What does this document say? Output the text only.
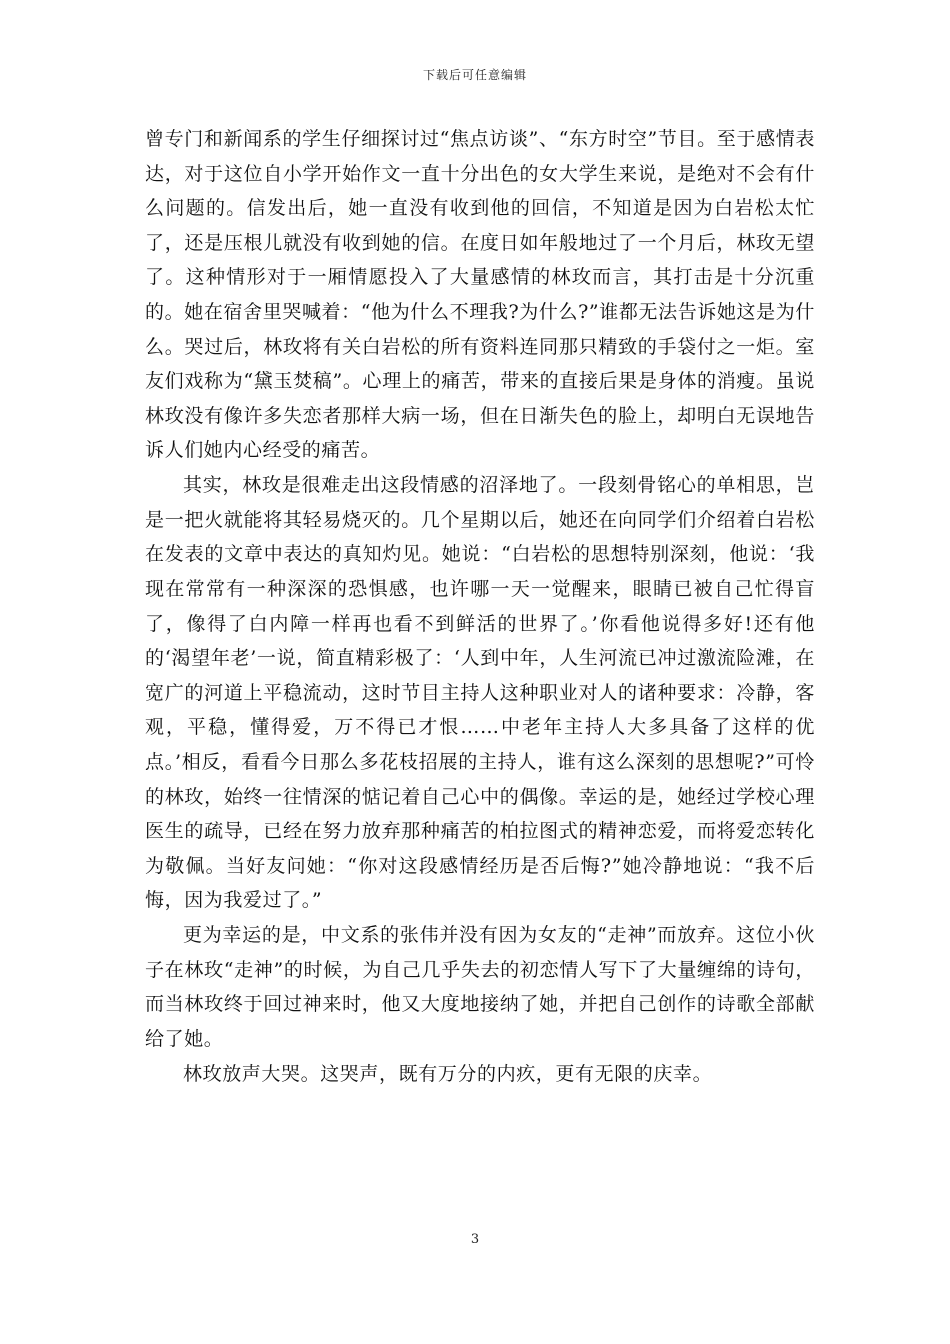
下载后可任意编辑

曾专门和新闻系的学生仔细探讨过“焦点访谈”、“东方时空”节目。至于感情表达，对于这位自小学开始作文一直十分出色的女大学生来说，是绝对不会有什么问题的。信发出后，她一直没有收到他的回信，不知道是因为白岩松太忙了，还是压根儿就没有收到她的信。在度日如年般地过了一个月后，林玫无望了。这种情形对于一厢情愿投入了大量感情的林玫而言，其打击是十分沉重的。她在宿舍里哭喊着：“他为什么不理我?为什么?”谁都无法告诉她这是为什么。哭过后，林玫将有关白岩松的所有资料连同那只精致的手袋付之一炬。室友们戏称为“黛玉焚稿”。心理上的痛苦，带来的直接后果是身体的消瘦。虽说林玫没有像许多失恋者那样大病一场，但在日渐失色的脸上，却明白无误地告诉人们她内心经受的痛苦。

其实，林玫是很难走出这段情感的沼泽地了。一段刻骨铭心的单相思，岂是一把火就能将其轻易烧灭的。几个星期以后，她还在向同学们介绍着白岩松在发表的文章中表达的真知灼见。她说：“白岩松的思想特别深刻，他说：‘我现在常常有一种深深的恐惧感，也许哪一天一觉醒来，眼睛已被自己忙得盲了，像得了白内障一样再也看不到鲜活的世界了。’你看他说得多好!还有他的‘渴望年老’一说，简直精彩极了：‘人到中年，人生河流已冲过激流险滩，在宽广的河道上平稳流动，这时节目主持人这种职业对人的诸种要求：冷静，客观，平稳，懂得爱，万不得已才恨……中老年主持人大多具备了这样的优点。’相反，看看今日那么多花枝招展的主持人，谁有这么深刻的思想呢?”可怜的林玫，始终一往情深的惦记着自己心中的偶像。幸运的是，她经过学校心理医生的疏导，已经在努力放弃那种痛苦的柏拉图式的精神恋爱，而将爱恋转化为敬佩。当好友问她：“你对这段感情经历是否后悔?”她冷静地说：“我不后悔，因为我爱过了。”

更为幸运的是，中文系的张伟并没有因为女友的“走神”而放弃。这位小伙子在林玫“走神”的时候，为自己几乎失去的初恋情人写下了大量缠绵的诗句，而当林玫终于回过神来时，他又大度地接纳了她，并把自己创作的诗歌全部献给了她。

林玫放声大哭。这哭声，既有万分的内疚，更有无限的庆幸。

3
